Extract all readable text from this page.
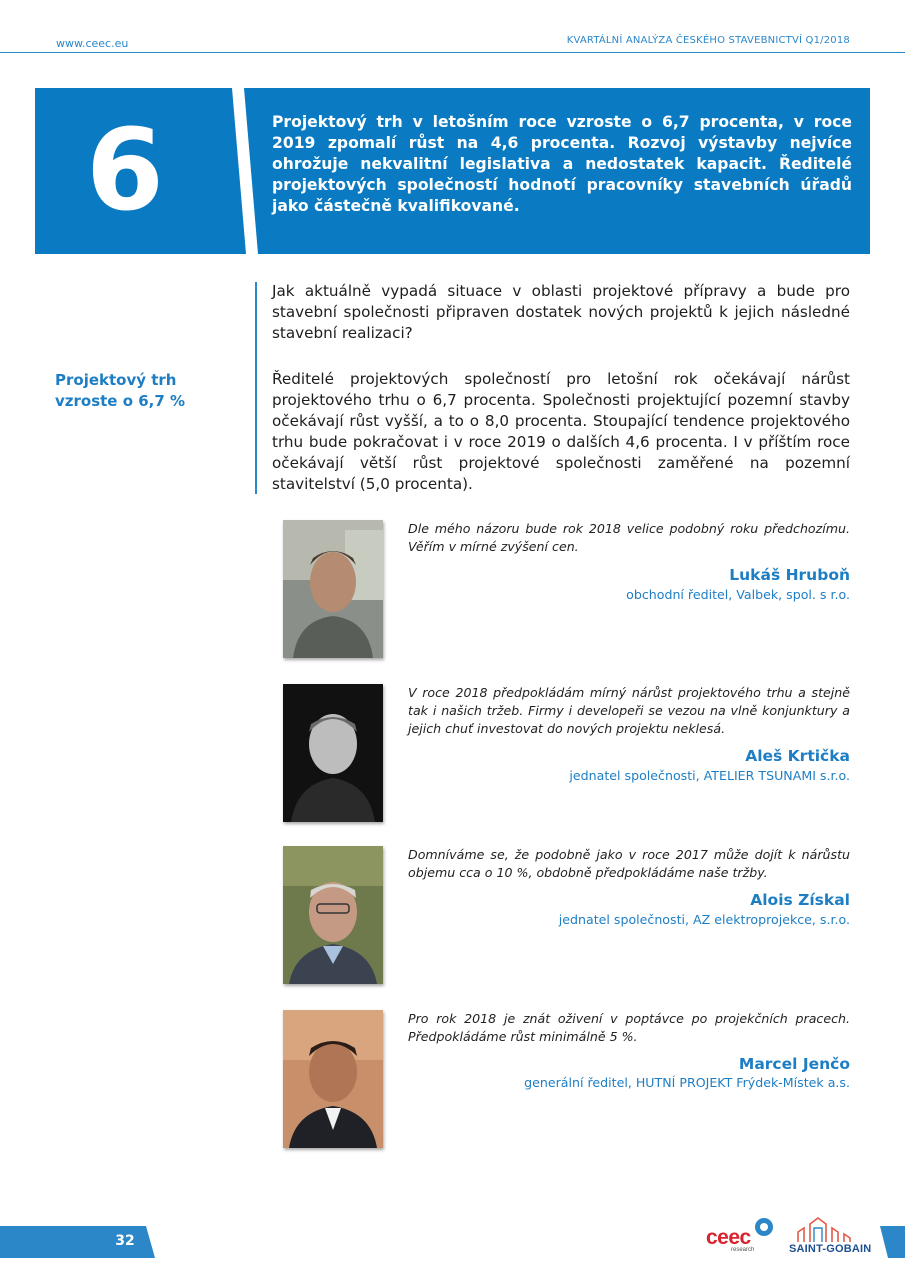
www.ceec.eu	KVARTÁLNÍ ANALÝZA ČESKÉHO STAVEBNICTVÍ Q1/2018
6	Projektový trh v letošním roce vzroste o 6,7 procenta, v roce 2019 zpomalí růst na 4,6 procenta. Rozvoj výstavby nejvíce ohrožuje nekvalitní legislativa a nedostatek kapacit. Ředitelé projektových společností hodnotí pracovníky stavebních úřadů jako částečně kvalifikované.
Projektový trh vzroste o 6,7 %

Jak aktuálně vypadá situace v oblasti projektové přípravy a bude pro stavební společnosti připraven dostatek nových projektů k jejich následné stavební realizaci?

Ředitelé projektových společností pro letošní rok očekávají nárůst projektového trhu o 6,7 procenta. Společnosti projektující pozemní stavby očekávají růst vyšší, a to o 8,0 procenta. Stoupající tendence projektového trhu bude pokračovat i v roce 2019 o dalších 4,6 procenta. I v příštím roce očekávají větší růst projektové společnosti zaměřené na pozemní stavitelství (5,0 procenta).

Dle mého názoru bude rok 2018 velice podobný roku předchozímu. Věřím v mírné zvýšení cen.
Lukáš Hruboň
obchodní ředitel, Valbek, spol. s r.o.
V roce 2018 předpokládám mírný nárůst projektového trhu a stejně tak i našich tržeb. Firmy i developeři se vezou na vlně konjunktury a jejich chuť investovat do nových projektu neklesá.
Aleš Krtička
jednatel společnosti, ATELIER TSUNAMI s.r.o.
Domníváme se, že podobně jako v roce 2017 může dojít k nárůstu objemu cca o 10 %, obdobně předpokládáme naše tržby.
Alois Získal
jednatel společnosti, AZ elektroprojekce, s.r.o.
Pro rok 2018 je znát oživení v poptávce po projekčních pracech. Předpokládáme růst minimálně 5 %.
Marcel Jenčo
generální ředitel, HUTNÍ PROJEKT Frýdek-Místek a.s.
32	ceec
research	SAINT-GOBAIN
